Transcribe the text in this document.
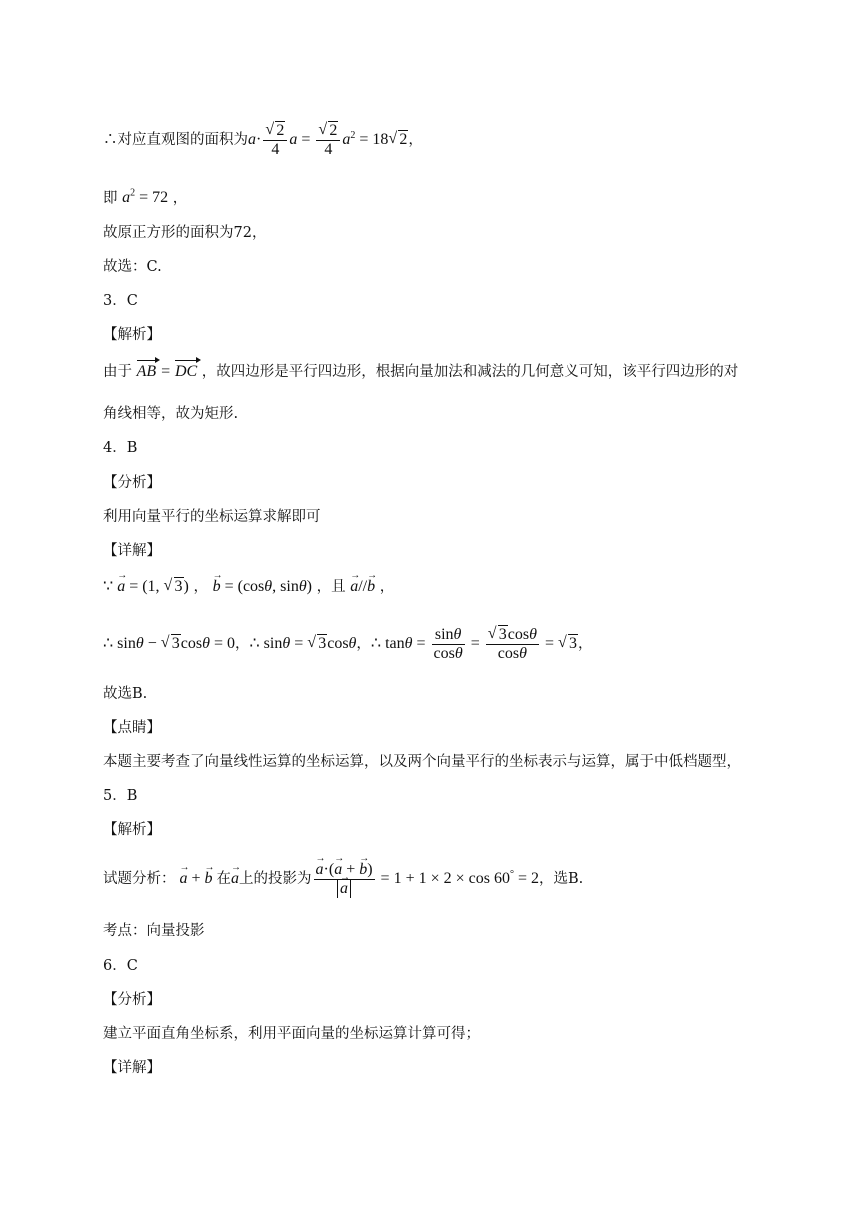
∴对应直观图的面积为 a·
√ $\frac{2}{4}$ a =
√ $\frac{2}{4} a^2 = 18√$ 2 ，
即 $a^2 = 72$ ，
故原正方形的面积为72，
故选：C.
3．C
【解析】
由于 AB = DC ，故四边形是平行四边形，根据向量加法和减法的几何意义可知，该平行四边形的对
角线相等，故为矩形.
4．B
【分析】
利用向量平行的坐标运算求解即可
【详解】
∵ a → = (1, √ 3) ， b → = (cosθ, sinθ) ，且 a →//b → ，
∴ sinθ − √ 3cosθ = 0 ， ∴ sinθ = √ 3cosθ ， ∴ $\tan\theta = \frac{\sin\theta}{\cos\theta}$ =
√ $\frac{3\cos\theta}{\cos\theta}$ = √ 3 ，
故选B.
【点睛】
本题主要考查了向量线性运算的坐标运算，以及两个向量平行的坐标表示与运算，属于中低档题型，
5．B
【解析】
试题分析： a → + b → 在 a → 上的投影为 $\frac{a \to\cdot(a \to + b \to)}{a}$ → = 1 + 1 × 2 × cos 60° = 2 ，选B.
考点：向量投影
6．C
【分析】
建立平面直角坐标系，利用平面向量的坐标运算计算可得；
【详解】
